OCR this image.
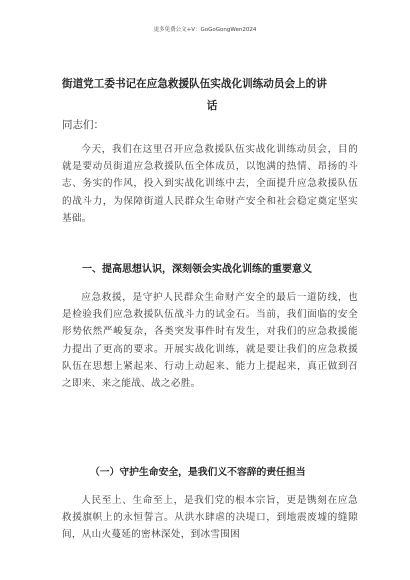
更多免费公文+V：GoGoGongWen2024
街道党工委书记在应急救援队伍实战化训练动员会上的讲
话
同志们：
今天，我们在这里召开应急救援队伍实战化训练动员会，目的就是要动员街道应急救援队伍全体成员，以饱满的热情、昂扬的斗志、务实的作风，投入到实战化训练中去，全面提升应急救援队伍的战斗力，为保障街道人民群众生命财产安全和社会稳定奠定坚实基础。
一、提高思想认识，深刻领会实战化训练的重要意义
应急救援，是守护人民群众生命财产安全的最后一道防线，也是检验我们应急救援队伍战斗力的试金石。当前，我们面临的安全形势依然严峻复杂，各类突发事件时有发生，对我们的应急救援能力提出了更高的要求。开展实战化训练，就是要让我们的应急救援队伍在思想上紧起来、行动上动起来、能力上提起来，真正做到召之即来、来之能战、战之必胜。
（一）守护生命安全，是我们义不容辞的责任担当
人民至上、生命至上，是我们党的根本宗旨，更是镌刻在应急救援旗帜上的永恒誓言。从洪水肆虐的决堤口，到地震废墟的缝隙间，从山火蔓延的密林深处，到冰雪围困
